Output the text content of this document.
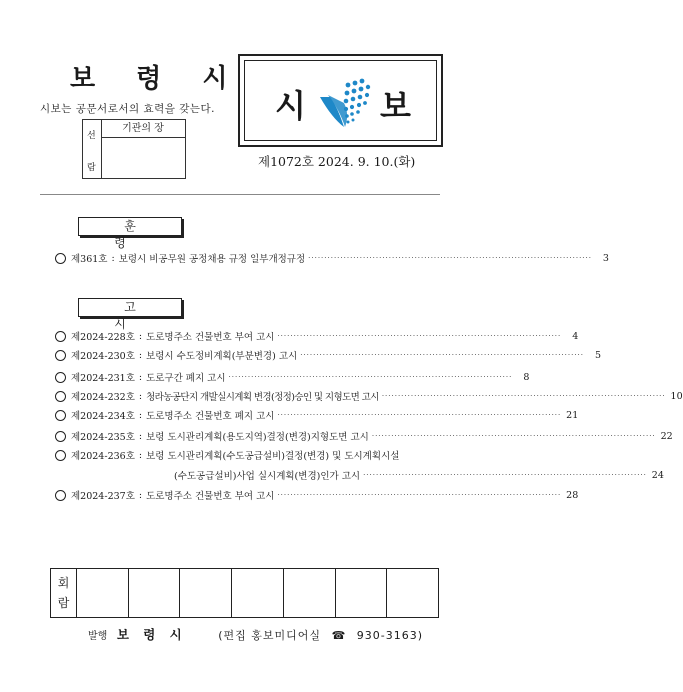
보 령 시
시보는 공문서로서의 효력을 갖는다.
선
람
기관의 장
시 보
제1072호 2024. 9. 10.(화)
훈 령
제361호 : 보령시 비공무원 공정채용 규정 일부개정규정 ························································································	3
고 시
제2024-228호 : 도로명주소 건물번호 부여 고시 ························································································	4
제2024-230호 : 보령시 수도정비계획(부분변경) 고시 ························································································	5
제2024-231호 : 도로구간 폐지 고시 ························································································	8
제2024-232호 : 청라농공단지 개발실시계획 변경(정정)승인 및 지형도면 고시 ························································································ 10
제2024-234호 : 도로명주소 건물번호 폐지 고시 ························································································ 21
제2024-235호 : 보령 도시관리계획(용도지역)결정(변경)지형도면 고시 ························································································ 22
제2024-236호 : 보령 도시관리계획(수도공급설비)결정(변경) 및 도시계획시설
(수도공급설비)사업 실시계획(변경)인가 고시 ························································································ 24
제2024-237호 : 도로명주소 건물번호 부여 고시 ························································································ 28
회
람							
발행 보 령 시	(편집 홍보미디어실 ☎ 930-3163)
